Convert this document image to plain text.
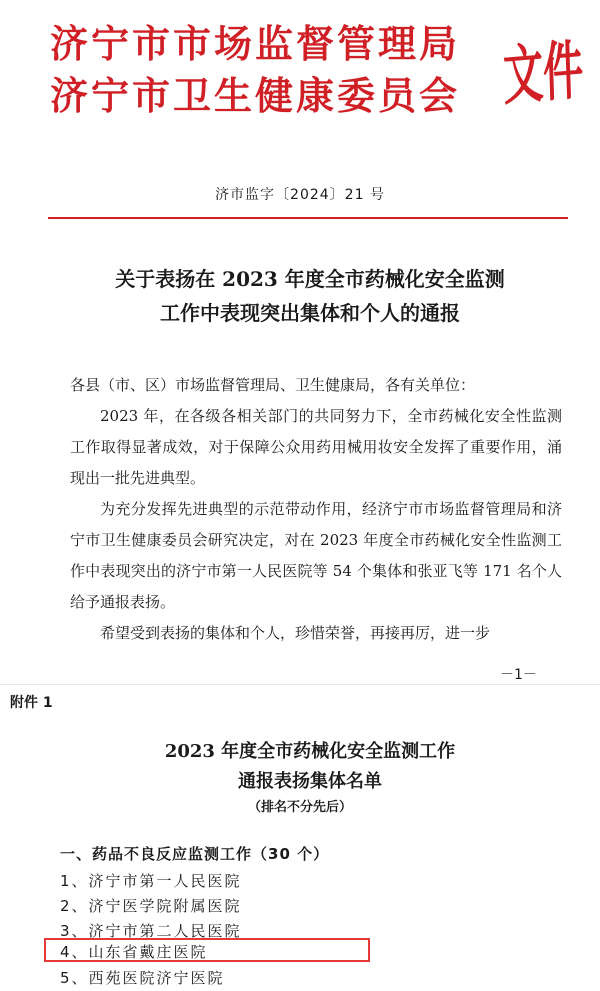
济宁市市场监督管理局
济宁市卫生健康委员会	文件
济市监字〔2024〕21 号
关于表扬在 2023 年度全市药械化安全监测
工作中表现突出集体和个人的通报

各县（市、区）市场监督管理局、卫生健康局，各有关单位：

2023 年，在各级各相关部门的共同努力下，全市药械化安全性监测工作取得显著成效，对于保障公众用药用械用妆安全发挥了重要作用，涌现出一批先进典型。

为充分发挥先进典型的示范带动作用，经济宁市市场监督管理局和济宁市卫生健康委员会研究决定，对在 2023 年度全市药械化安全性监测工作中表现突出的济宁市第一人民医院等 54 个集体和张亚飞等 171 名个人给予通报表扬。

希望受到表扬的集体和个人，珍惜荣誉，再接再厉，进一步

－1－
附件 1
2023 年度全市药械化安全监测工作
通报表扬集体名单
（排名不分先后）
一、药品不良反应监测工作（30 个）
1、济宁市第一人民医院
2、济宁医学院附属医院
3、济宁市第二人民医院
4、山东省戴庄医院
5、西苑医院济宁医院
